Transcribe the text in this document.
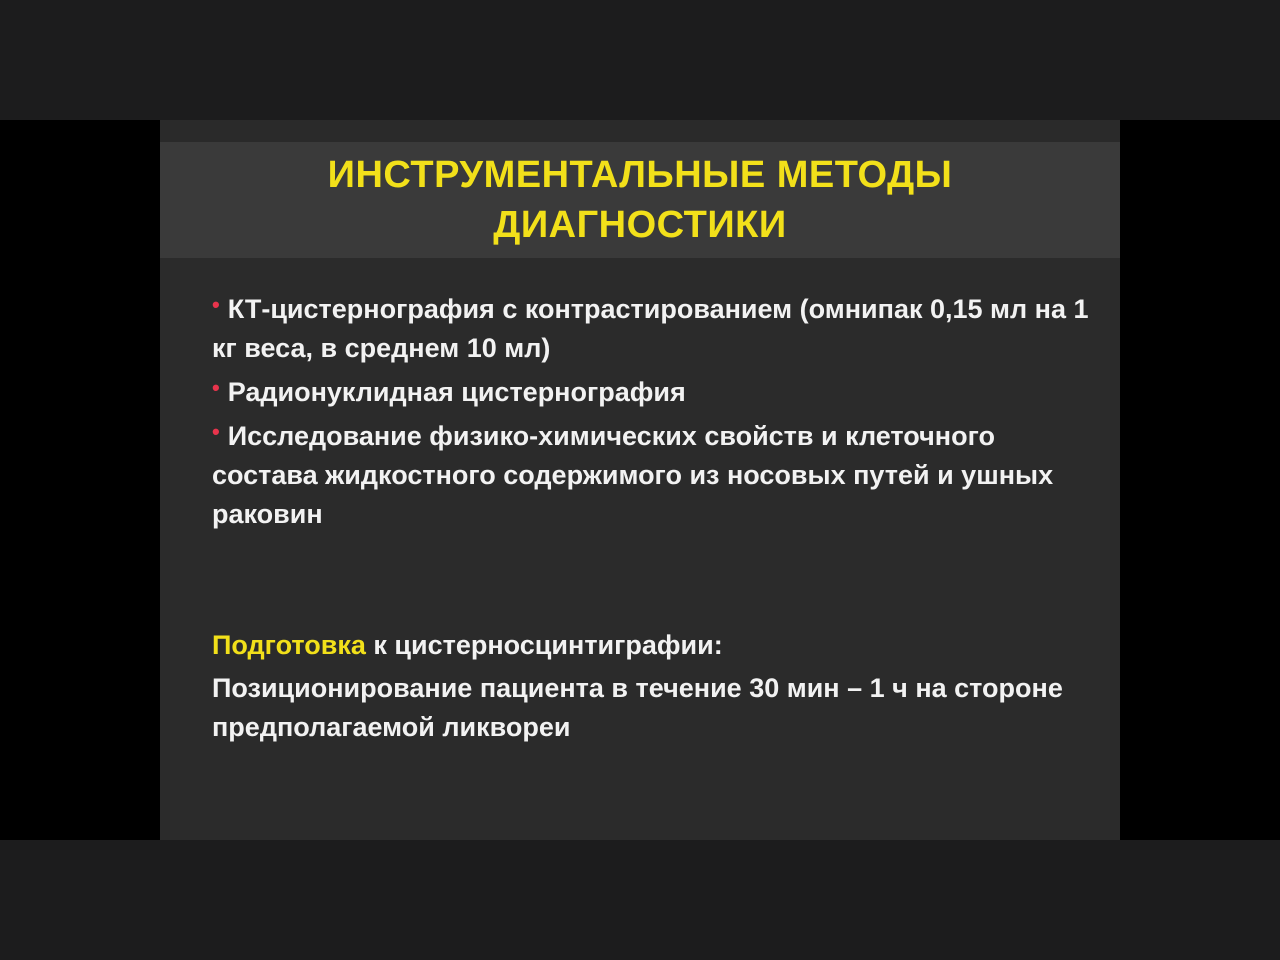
ИНСТРУМЕНТАЛЬНЫЕ МЕТОДЫ
ДИАГНОСТИКИ
• КТ-цистернография с контрастированием (омнипак 0,15 мл на 1 кг веса, в среднем 10 мл)
• Радионуклидная цистернография
• Исследование физико-химических свойств и клеточного состава жидкостного содержимого из носовых путей и ушных раковин

Подготовка к цистерносцинтиграфии:

Позиционирование пациента в течение 30 мин – 1 ч на стороне предполагаемой ликвореи
